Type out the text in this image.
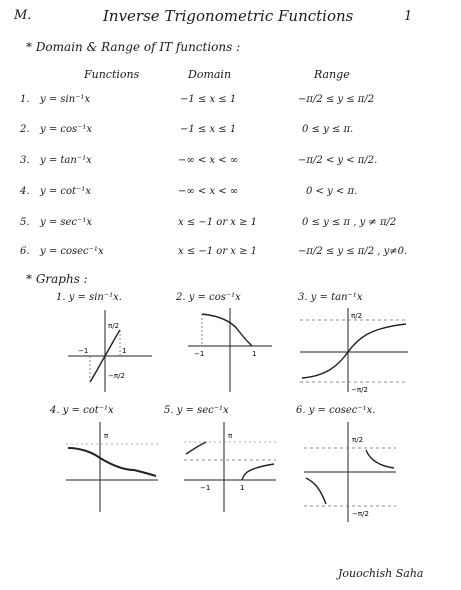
M.	Inverse Trigonometric Functions	1
* Domain & Range of IT functions :
Functions	Domain	Range
1. y = sin⁻¹x	−1 ≤ x ≤ 1	−π/2 ≤ y ≤ π/2
2. y = cos⁻¹x	−1 ≤ x ≤ 1	0 ≤ y ≤ π.
3. y = tan⁻¹x	−∞ < x < ∞	−π/2 < y < π/2.
4. y = cot⁻¹x	−∞ < x < ∞	0 < y < π.
5. y = sec⁻¹x	x ≤ −1 or x ≥ 1	0 ≤ y ≤ π , y ≠ π/2
6. y = cosec⁻¹x	x ≤ −1 or x ≥ 1	−π/2 ≤ y ≤ π/2 , y≠0.
* Graphs :
1. y = sin⁻¹x.	2. y = cos⁻¹x	3. y = tan⁻¹x
4. y = cot⁻¹x	5. y = sec⁻¹x	6. y = cosec⁻¹x.
−1	1
π/2
−π/2
−1	1
π/2
−π/2
π	π
−1	1
π/2
−π/2
Jouochish Saha
